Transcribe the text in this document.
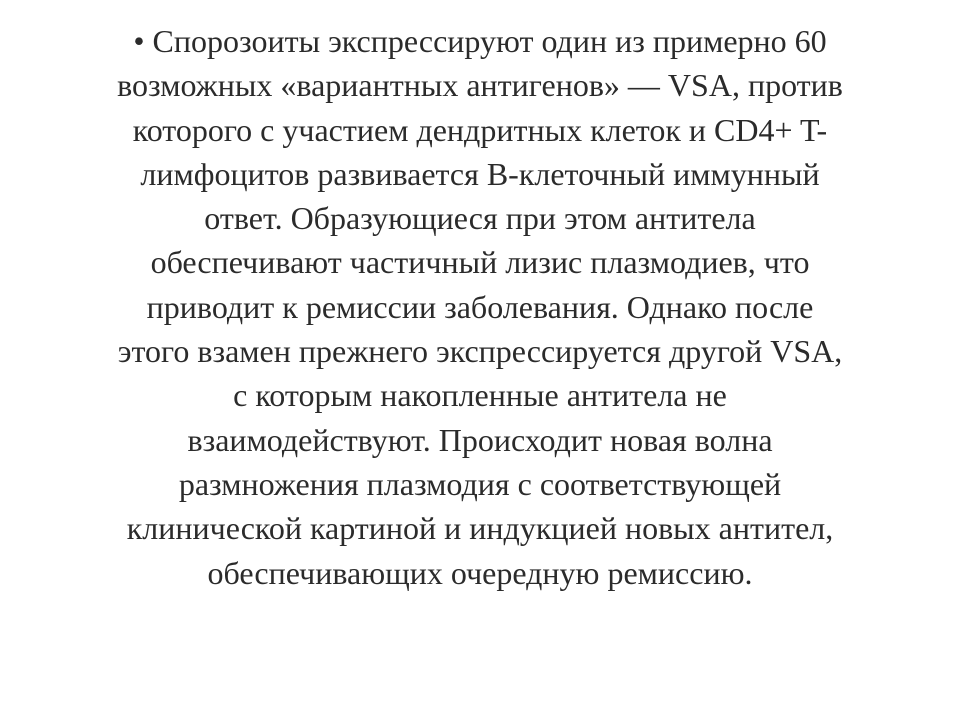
• Спорозоиты экспрессируют один из примерно 60
возможных «вариантных антигенов» — VSA, против
которого с участием дендритных клеток и CD4+ T-
лимфоцитов развивается В-клеточный иммунный
ответ. Образующиеся при этом антитела
обеспечивают частичный лизис плазмодиев, что
приводит к ремиссии заболевания. Однако после
этого взамен прежнего экспрессируется другой VSA,
с которым накопленные антитела не
взаимодействуют. Происходит новая волна
размножения плазмодия с соответствующей
клинической картиной и индукцией новых антител,
обеспечивающих очередную ремиссию.
